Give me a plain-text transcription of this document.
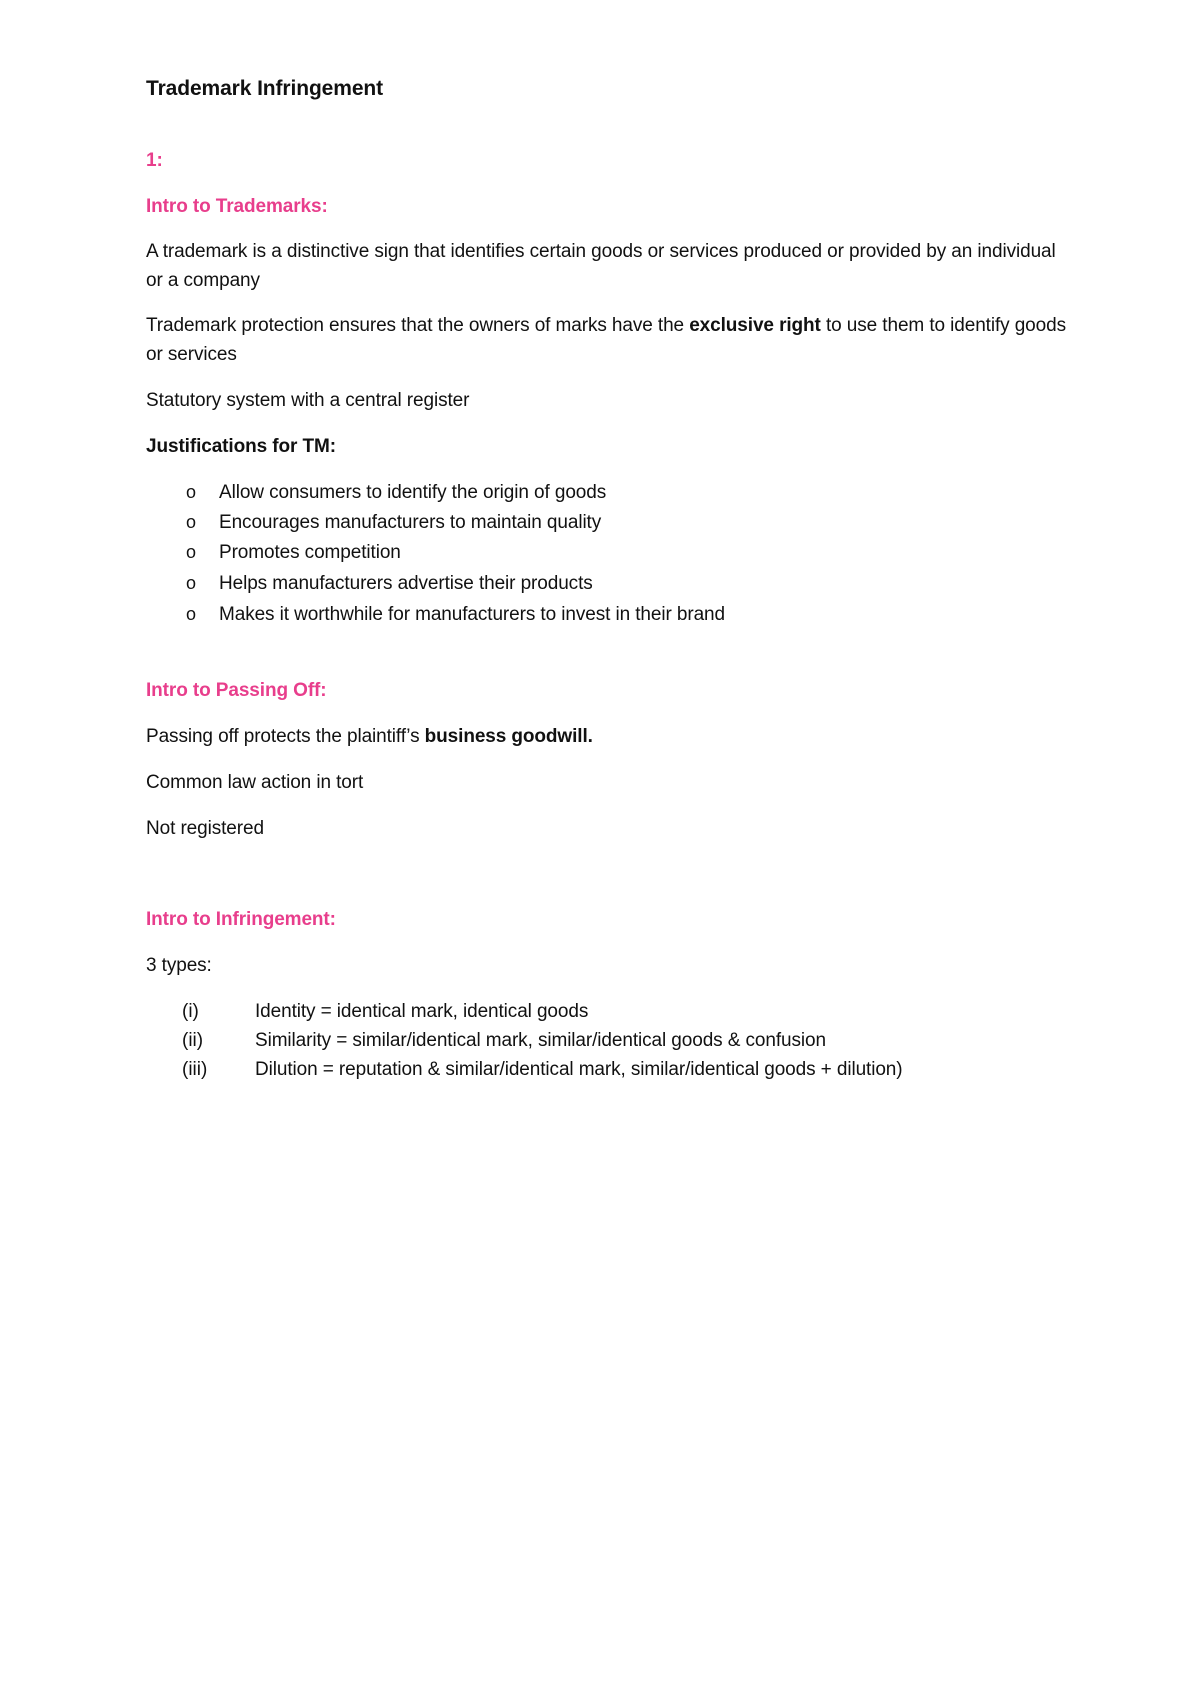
Trademark Infringement
1:
Intro to Trademarks:
A trademark is a distinctive sign that identifies certain goods or services produced or provided by an individual or a company
Trademark protection ensures that the owners of marks have the exclusive right to use them to identify goods or services
Statutory system with a central register
Justifications for TM:
o Allow consumers to identify the origin of goods
o Encourages manufacturers to maintain quality
o Promotes competition
o Helps manufacturers advertise their products
o Makes it worthwhile for manufacturers to invest in their brand
Intro to Passing Off:
Passing off protects the plaintiff’s business goodwill.
Common law action in tort
Not registered
Intro to Infringement:
3 types:
(i)	Identity = identical mark, identical goods
(ii)	Similarity = similar/identical mark, similar/identical goods & confusion
(iii)	Dilution = reputation & similar/identical mark, similar/identical goods + dilution)
